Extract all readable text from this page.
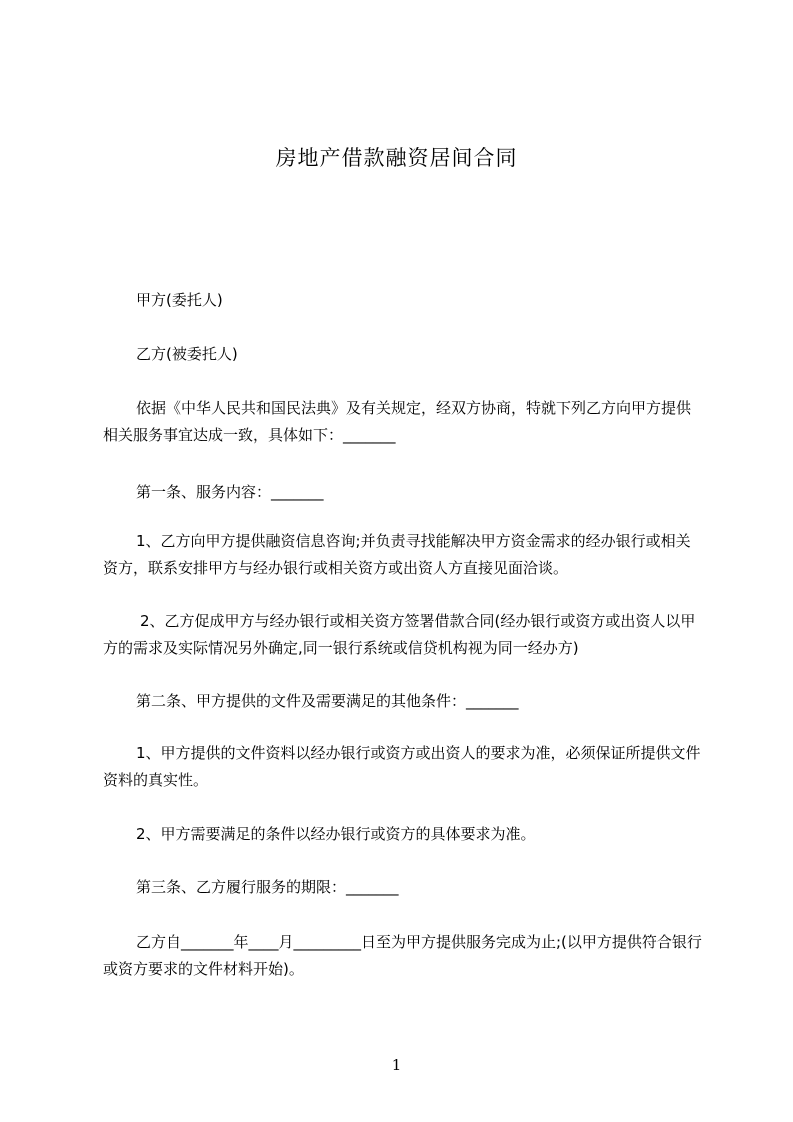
房地产借款融资居间合同

甲方(委托人)

乙方(被委托人)

依据《中华人民共和国民法典》及有关规定，经双方协商，特就下列乙方向甲方提供相关服务事宜达成一致，具体如下：_______

第一条、服务内容：_______

1、乙方向甲方提供融资信息咨询;并负责寻找能解决甲方资金需求的经办银行或相关资方，联系安排甲方与经办银行或相关资方或出资人方直接见面洽谈。

2、乙方促成甲方与经办银行或相关资方签署借款合同(经办银行或资方或出资人以甲方的需求及实际情况另外确定,同一银行系统或信贷机构视为同一经办方)

第二条、甲方提供的文件及需要满足的其他条件：_______

1、甲方提供的文件资料以经办银行或资方或出资人的要求为准，必须保证所提供文件资料的真实性。

2、甲方需要满足的条件以经办银行或资方的具体要求为准。

第三条、乙方履行服务的期限：_______

乙方自_______年____月_________日至为甲方提供服务完成为止;(以甲方提供符合银行或资方要求的文件材料开始)。

1
